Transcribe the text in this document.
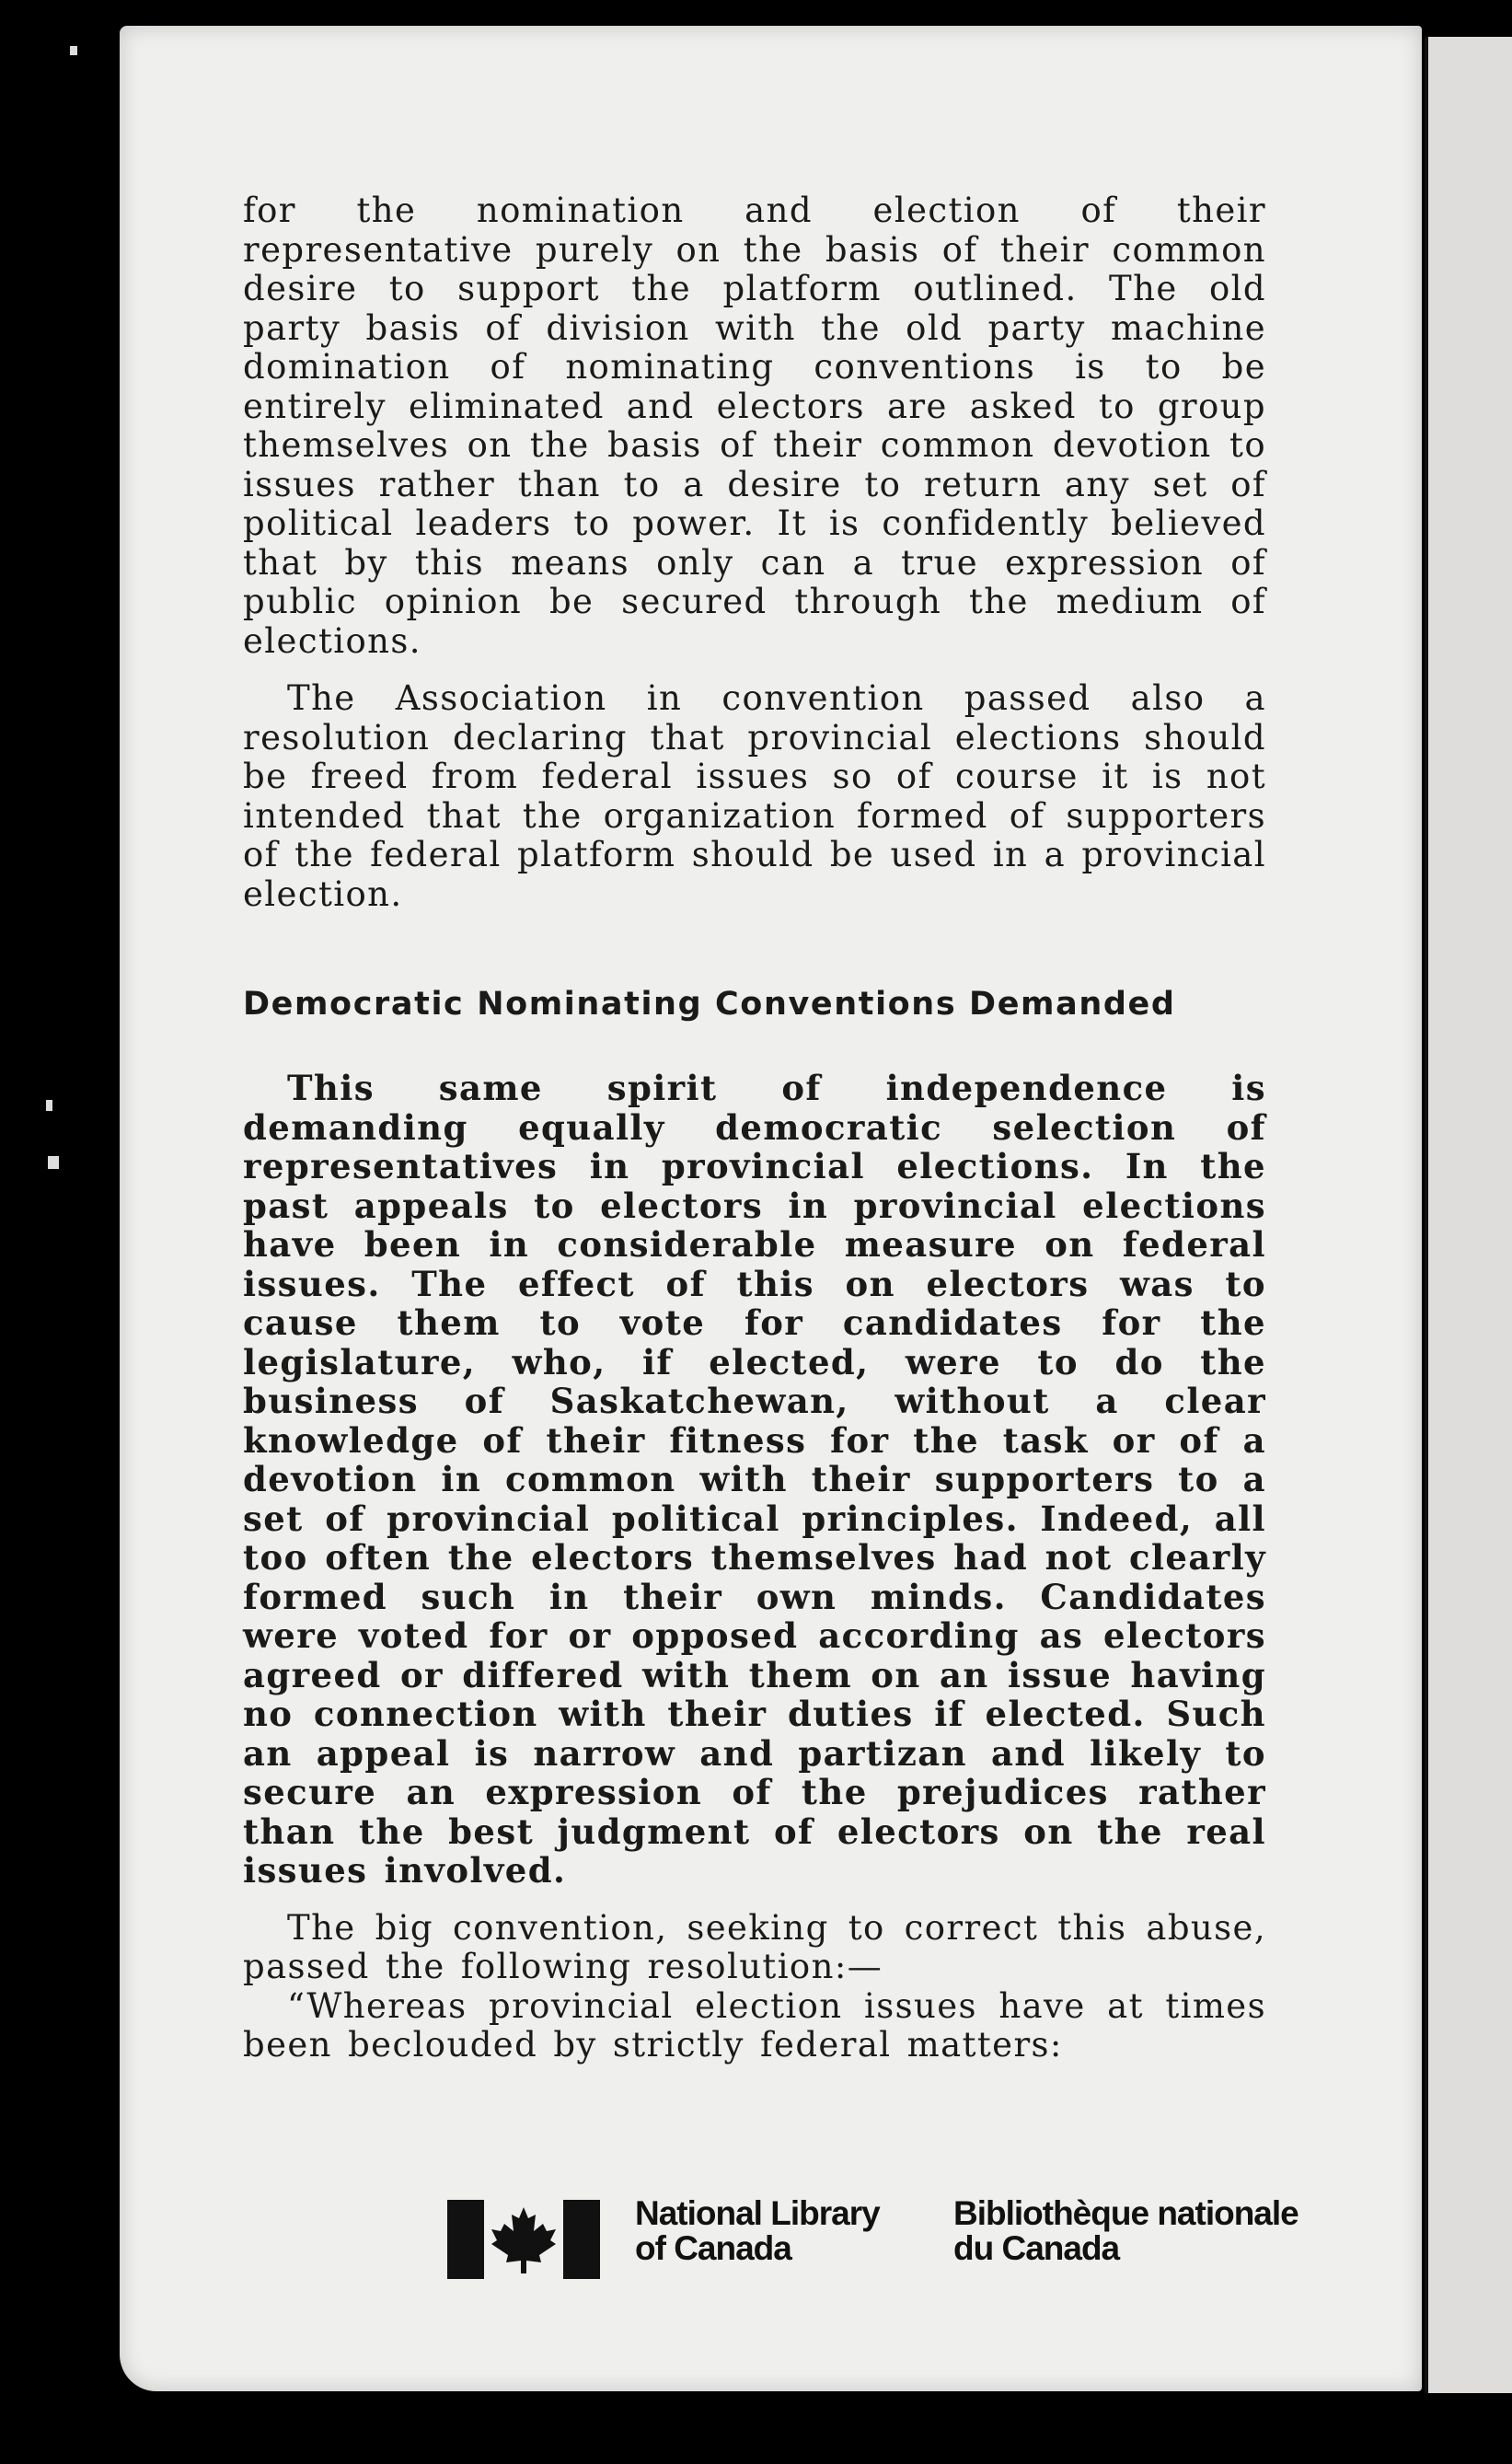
for the nomination and election of their representative purely on the basis of their common desire to support the platform outlined. The old party basis of division with the old party machine domination of nominating conventions is to be entirely eliminated and electors are asked to group themselves on the basis of their common devotion to issues rather than to a desire to return any set of political leaders to power. It is confidently believed that by this means only can a true expression of public opinion be secured through the medium of elections.

The Association in convention passed also a resolution declaring that provincial elections should be freed from federal issues so of course it is not intended that the organization formed of supporters of the federal platform should be used in a provincial election.

Democratic Nominating Conventions Demanded

This same spirit of independence is demanding equally democratic selection of representatives in provincial elections. In the past appeals to electors in provincial elections have been in considerable measure on federal issues. The effect of this on electors was to cause them to vote for candidates for the legislature, who, if elected, were to do the business of Saskatchewan, without a clear knowledge of their fitness for the task or of a devotion in common with their supporters to a set of provincial political principles. Indeed, all too often the electors themselves had not clearly formed such in their own minds. Candidates were voted for or opposed according as electors agreed or differed with them on an issue having no connection with their duties if elected. Such an appeal is narrow and partizan and likely to secure an expression of the prejudices rather than the best judgment of electors on the real issues involved.

The big convention, seeking to correct this abuse, passed the following resolution:—

“Whereas provincial election issues have at times been beclouded by strictly federal matters:

National Library
of Canada
Bibliothèque nationale
du Canada
